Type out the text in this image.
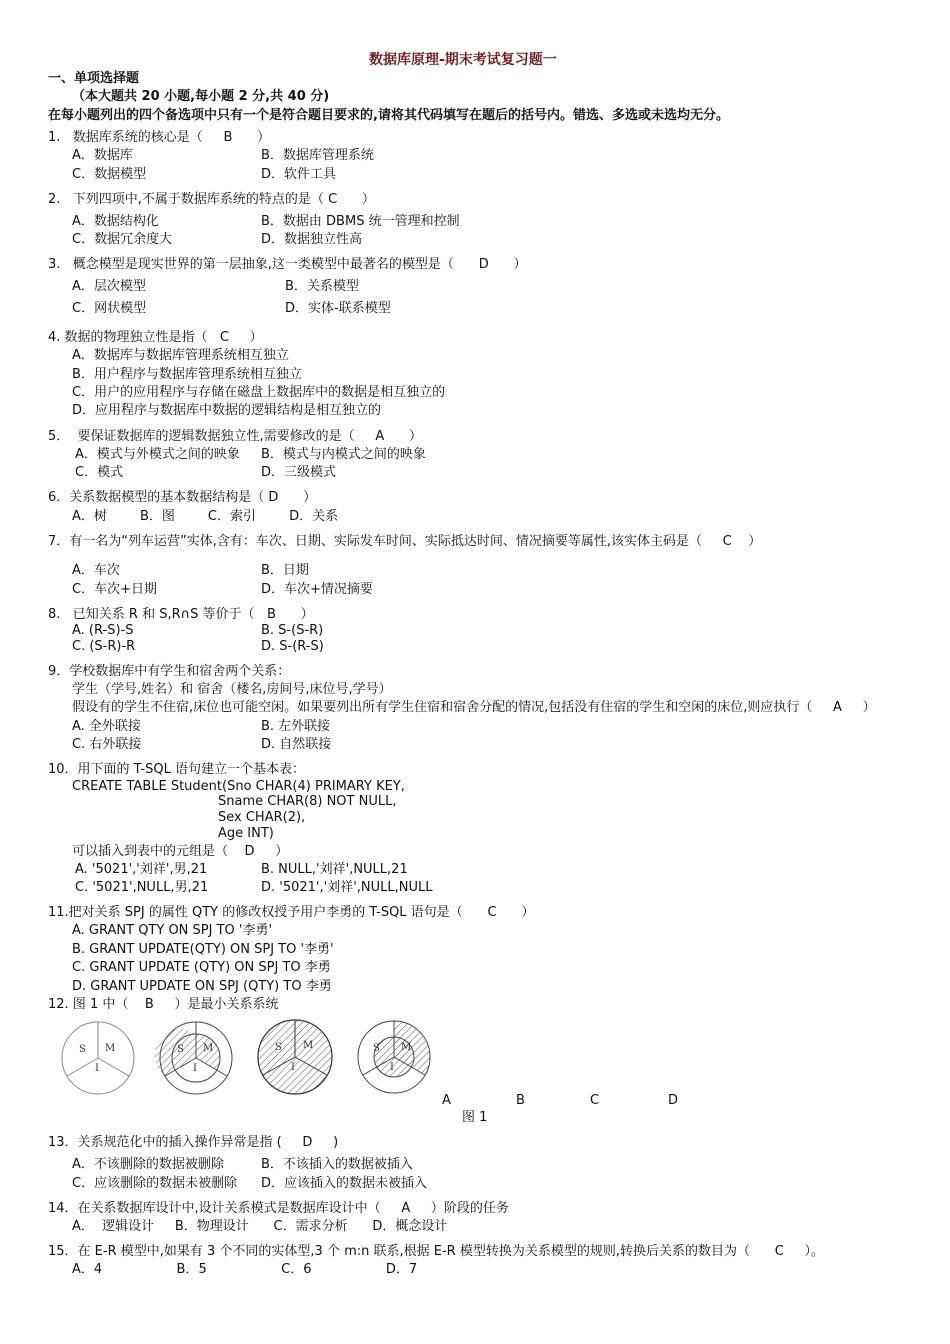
数据库原理-期末考试复习题一
一、单项选择题
（本大题共 20 小题,每小题 2 分,共 40 分)
在每小题列出的四个备选项中只有一个是符合题目要求的,请将其代码填写在题后的括号内。错选、多选或未选均无分。
1.   数据库系统的核心是（     B      ）
A．数据库	B．数据库管理系统
C．数据模型	D．软件工具
2.   下列四项中,不属于数据库系统的特点的是（ C      ）
A．数据结构化	B．数据由 DBMS 统一管理和控制
C．数据冗余度大	D．数据独立性高
3.   概念模型是现实世界的第一层抽象,这一类模型中最著名的模型是（      D      ）
A．层次模型	B．关系模型
C．网状模型	D．实体-联系模型
4. 数据的物理独立性是指（   C     ）
A．数据库与数据库管理系统相互独立
B．用户程序与数据库管理系统相互独立
C．用户的应用程序与存储在磁盘上数据库中的数据是相互独立的
D．应用程序与数据库中数据的逻辑结构是相互独立的
5．  要保证数据库的逻辑数据独立性,需要修改的是（     A      ）
A．模式与外模式之间的映象 B．模式与内模式之间的映象
C．模式	D．三级模式
6．关系数据模型的基本数据结构是（ D      ）
A．树        B．图        C．索引        D．关系
7．有一名为“列车运营”实体,含有：车次、日期、实际发车时间、实际抵达时间、情况摘要等属性,该实体主码是（     C    ）
A．车次	B．日期
C．车次+日期	D．车次+情况摘要
8.   已知关系 R 和 S,R∩S 等价于（   B      ）
A. (R-S)-S	B. S-(S-R)
C. (S-R)-R	D. S-(R-S)
9．学校数据库中有学生和宿舍两个关系：
学生（学号,姓名）和 宿舍（楼名,房间号,床位号,学号）
假设有的学生不住宿,床位也可能空闲。如果要列出所有学生住宿和宿舍分配的情况,包括没有住宿的学生和空闲的床位,则应执行（     A     ）
A. 全外联接	B. 左外联接
C. 右外联接	D. 自然联接
10．用下面的 T-SQL 语句建立一个基本表：
CREATE TABLE Student(Sno CHAR(4) PRIMARY KEY,
Sname CHAR(8) NOT NULL,
Sex CHAR(2),
Age INT)
可以插入到表中的元组是（    D     ）
A. '5021','刘祥',男,21	B. NULL,'刘祥',NULL,21
C. '5021',NULL,男,21	D. '5021','刘祥',NULL,NULL
11.把对关系 SPJ 的属性 QTY 的修改权授予用户李勇的 T-SQL 语句是（      C      ）
A. GRANT QTY ON SPJ TO '李勇'
B. GRANT UPDATE(QTY) ON SPJ TO '李勇'
C. GRANT UPDATE (QTY) ON SPJ TO 李勇
D. GRANT UPDATE ON SPJ (QTY) TO 李勇
12. 图 1 中（    B     ）是最小关系系统
S M
I
S M
I
S M
I
S M
I
A	B	C	D
图 1
13．关系规范化中的插入操作异常是指 (     D     )
A．不该删除的数据被删除	B．不该插入的数据被插入
C．应该删除的数据未被删除 D．应该插入的数据未被插入
14．在关系数据库设计中,设计关系模式是数据库设计中（     A     ）阶段的任务
A．  逻辑设计     B．物理设计      C．需求分析      D．概念设计
15．在 E-R 模型中,如果有 3 个不同的实体型,3 个 m:n 联系,根据 E-R 模型转换为关系模型的规则,转换后关系的数目为（      C     ）。
A．4                  B．5                  C．6                  D．7
